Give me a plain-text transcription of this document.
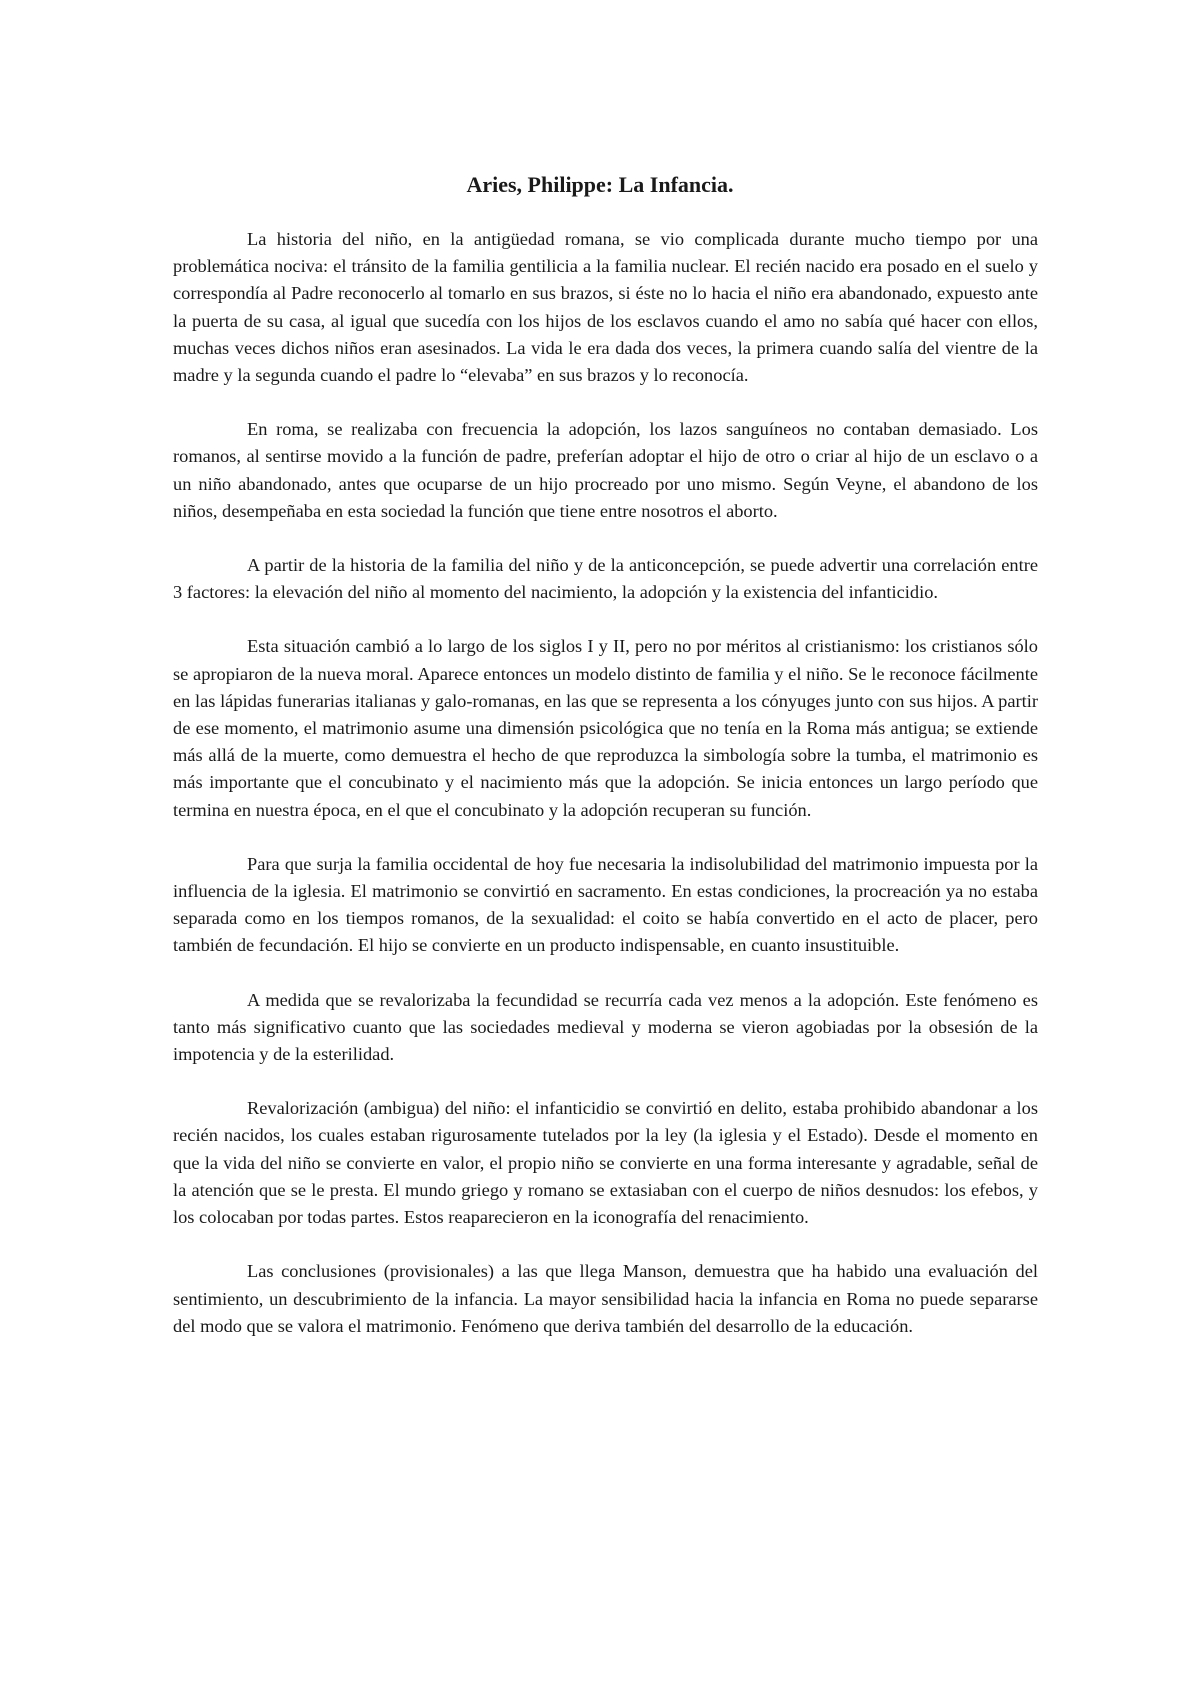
Aries, Philippe: La Infancia.

La historia del niño, en la antigüedad romana, se vio complicada durante mucho tiempo por una problemática nociva: el tránsito de la familia gentilicia a la familia nuclear. El recién nacido era posado en el suelo y correspondía al Padre reconocerlo al tomarlo en sus brazos, si éste no lo hacia el niño era abandonado, expuesto ante la puerta de su casa, al igual que sucedía con los hijos de los esclavos cuando el amo no sabía qué hacer con ellos, muchas veces dichos niños eran asesinados. La vida le era dada dos veces, la primera cuando salía del vientre de la madre y la segunda cuando el padre lo “elevaba” en sus brazos y lo reconocía.

En roma, se realizaba con frecuencia la adopción, los lazos sanguíneos no contaban demasiado. Los romanos, al sentirse movido a la función de padre, preferían adoptar el hijo de otro o criar al hijo de un esclavo o a un niño abandonado, antes que ocuparse de un hijo procreado por uno mismo. Según Veyne, el abandono de los niños, desempeñaba en esta sociedad la función que tiene entre nosotros el aborto.

A partir de la historia de la familia del niño y de la anticoncepción, se puede advertir una correlación entre 3 factores: la elevación del niño al momento del nacimiento, la adopción y la existencia del infanticidio.

Esta situación cambió a lo largo de los siglos I y II, pero no por méritos al cristianismo: los cristianos sólo se apropiaron de la nueva moral. Aparece entonces un modelo distinto de familia y el niño. Se le reconoce fácilmente en las lápidas funerarias italianas y galo-romanas, en las que se representa a los cónyuges junto con sus hijos. A partir de ese momento, el matrimonio asume una dimensión psicológica que no tenía en la Roma más antigua; se extiende más allá de la muerte, como demuestra el hecho de que reproduzca la simbología sobre la tumba, el matrimonio es más importante que el concubinato y el nacimiento más que la adopción. Se inicia entonces un largo período que termina en nuestra época, en el que el concubinato y la adopción recuperan su función.

Para que surja la familia occidental de hoy fue necesaria la indisolubilidad del matrimonio impuesta por la influencia de la iglesia. El matrimonio se convirtió en sacramento. En estas condiciones, la procreación ya no estaba separada como en los tiempos romanos, de la sexualidad: el coito se había convertido en el acto de placer, pero también de fecundación. El hijo se convierte en un producto indispensable, en cuanto insustituible.

A medida que se revalorizaba la fecundidad se recurría cada vez menos a la adopción. Este fenómeno es tanto más significativo cuanto que las sociedades medieval y moderna se vieron agobiadas por la obsesión de la impotencia y de la esterilidad.

Revalorización (ambigua) del niño: el infanticidio se convirtió en delito, estaba prohibido abandonar a los recién nacidos, los cuales estaban rigurosamente tutelados por la ley (la iglesia y el Estado). Desde el momento en que la vida del niño se convierte en valor, el propio niño se convierte en una forma interesante y agradable, señal de la atención que se le presta. El mundo griego y romano se extasiaban con el cuerpo de niños desnudos: los efebos, y los colocaban por todas partes. Estos reaparecieron en la iconografía del renacimiento.

Las conclusiones (provisionales) a las que llega Manson, demuestra que ha habido una evaluación del sentimiento, un descubrimiento de la infancia. La mayor sensibilidad hacia la infancia en Roma no puede separarse del modo que se valora el matrimonio. Fenómeno que deriva también del desarrollo de la educación.
